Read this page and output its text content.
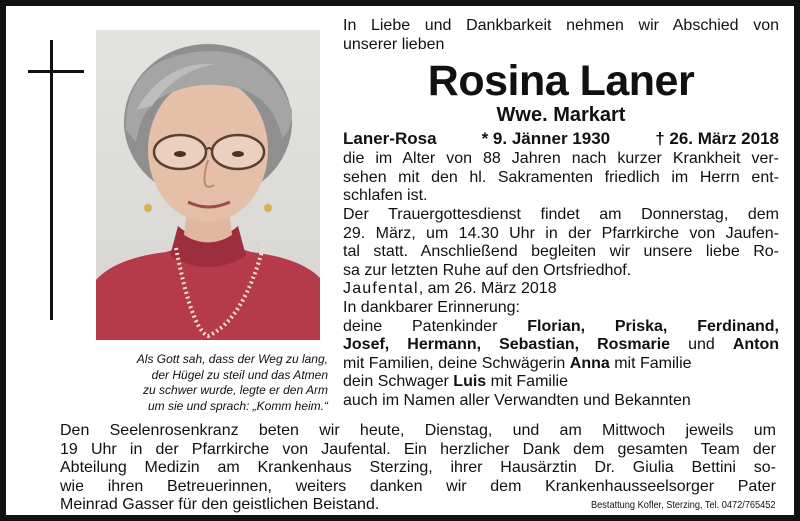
Als Gott sah, dass der Weg zu lang,
der Hügel zu steil und das Atmen
zu schwer wurde, legte er den Arm
um sie und sprach: „Komm heim.“
In Liebe und Dankbarkeit nehmen wir Abschied von
unserer lieben
Rosina Laner
Wwe. Markart
Laner-Rosa	* 9. Jänner 1930	† 26. März 2018
die im Alter von 88 Jahren nach kurzer Krankheit ver-
sehen mit den hl. Sakramenten friedlich im Herrn ent-
schlafen ist.
Der Trauergottesdienst findet am Donnerstag, dem
29. März, um 14.30 Uhr in der Pfarrkirche von Jaufen-
tal statt. Anschließend begleiten wir unsere liebe Ro-
sa zur letzten Ruhe auf den Ortsfriedhof.
Jaufental, am 26. März 2018
In dankbarer Erinnerung:
deine Patenkinder Florian, Priska, Ferdinand,
Josef, Hermann, Sebastian, Rosmarie und Anton
mit Familien, deine Schwägerin Anna mit Familie
dein Schwager Luis mit Familie
auch im Namen aller Verwandten und Bekannten
Den Seelenrosenkranz beten wir heute, Dienstag, und am Mittwoch jeweils um
19 Uhr in der Pfarrkirche von Jaufental. Ein herzlicher Dank dem gesamten Team der
Abteilung Medizin am Krankenhaus Sterzing, ihrer Hausärztin Dr. Giulia Bettini so-
wie ihren Betreuerinnen, weiters danken wir dem Krankenhausseelsorger Pater
Meinrad Gasser für den geistlichen Beistand.	Bestattung Kofler, Sterzing, Tel. 0472/765452
